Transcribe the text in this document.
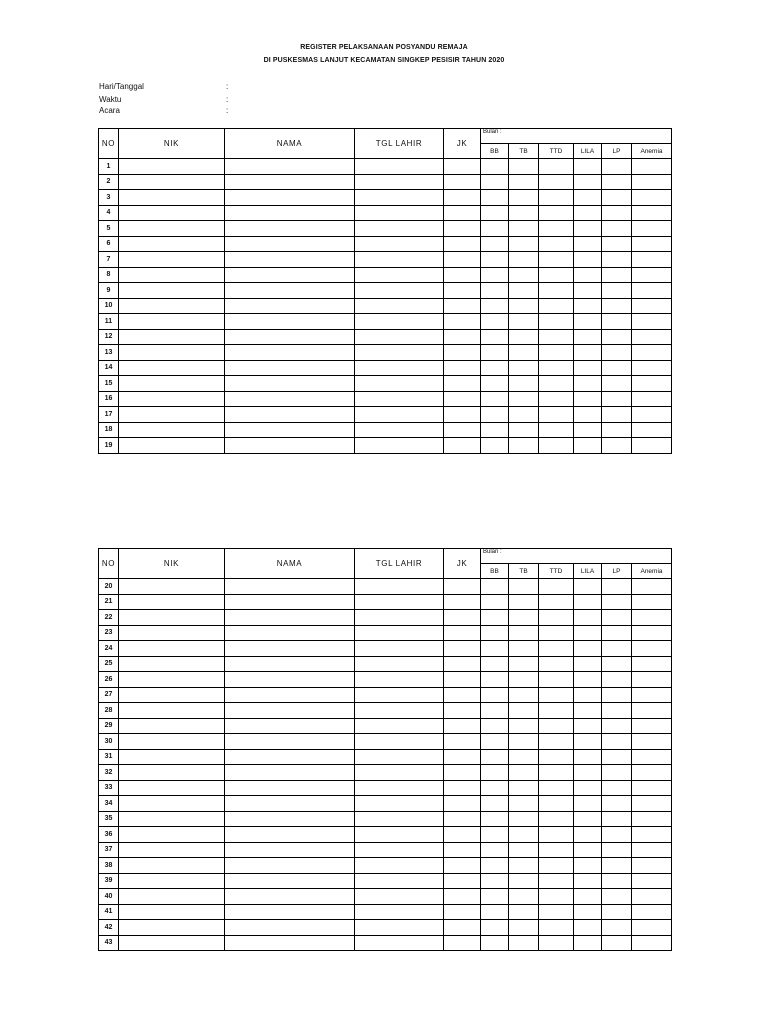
REGISTER PELAKSANAAN POSYANDU REMAJA
DI PUSKESMAS LANJUT KECAMATAN SINGKEP PESISIR TAHUN 2020
Hari/Tanggal	:
Waktu	:
Acara	:
NO	NIK	NAMA	TGL LAHIR	JK	Bulan :					
					BB	TB	TTD	LILA	LP	Anemia
1										
2										
3										
4										
5										
6										
7										
8										
9										
10										
11										
12										
13										
14										
15										
16										
17										
18										
19										
NO	NIK	NAMA	TGL LAHIR	JK	Bulan :					
					BB	TB	TTD	LILA	LP	Anemia
20										
21										
22										
23										
24										
25										
26										
27										
28										
29										
30										
31										
32										
33										
34										
35										
36										
37										
38										
39										
40										
41										
42										
43										
